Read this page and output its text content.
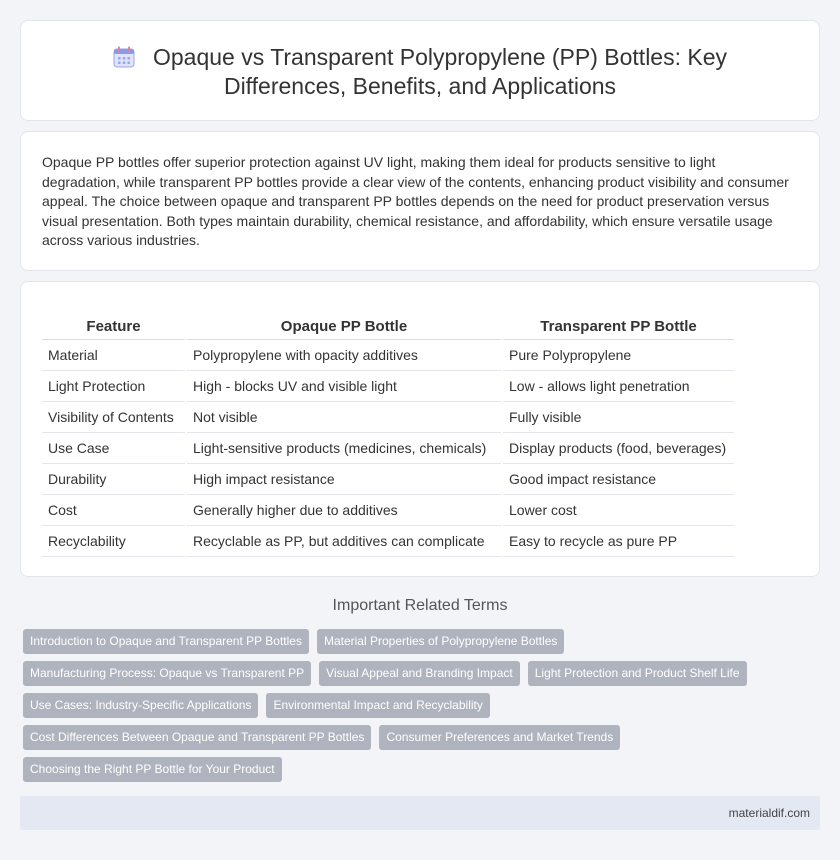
Opaque vs Transparent Polypropylene (PP) Bottles: Key Differences, Benefits, and Applications

Opaque PP bottles offer superior protection against UV light, making them ideal for products sensitive to light degradation, while transparent PP bottles provide a clear view of the contents, enhancing product visibility and consumer appeal. The choice between opaque and transparent PP bottles depends on the need for product preservation versus visual presentation. Both types maintain durability, chemical resistance, and affordability, which ensure versatile usage across various industries.

Feature	Opaque PP Bottle	Transparent PP Bottle
Material	Polypropylene with opacity additives	Pure Polypropylene
Light Protection	High - blocks UV and visible light	Low - allows light penetration
Visibility of Contents	Not visible	Fully visible
Use Case	Light-sensitive products (medicines, chemicals)	Display products (food, beverages)
Durability	High impact resistance	Good impact resistance
Cost	Generally higher due to additives	Lower cost
Recyclability	Recyclable as PP, but additives can complicate	Easy to recycle as pure PP
Important Related Terms
Introduction to Opaque and Transparent PP Bottles	Material Properties of Polypropylene Bottles
Manufacturing Process: Opaque vs Transparent PP	Visual Appeal and Branding Impact	Light Protection and Product Shelf Life
Use Cases: Industry-Specific Applications	Environmental Impact and Recyclability
Cost Differences Between Opaque and Transparent PP Bottles	Consumer Preferences and Market Trends
Choosing the Right PP Bottle for Your Product
materialdif.com
